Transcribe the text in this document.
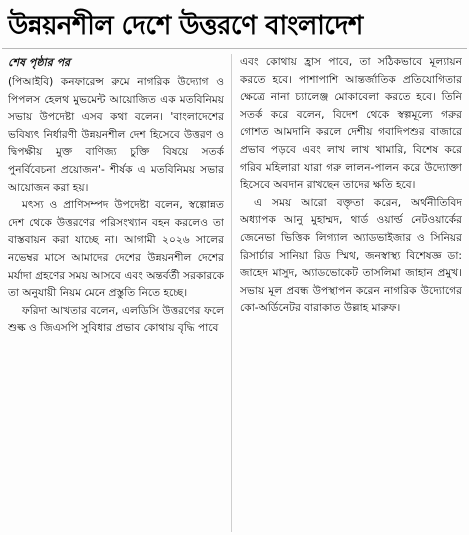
উন্নয়নশীল দেশে উত্তরণে বাংলাদেশ
শেষ পৃষ্ঠার পর

(পিআইবি) কনফারেন্স রুমে নাগরিক উদ্যোগ ও পিপলস হেলথ মুভমেন্ট আয়োজিত এক মতবিনিময় সভায় উপদেষ্টা এসব কথা বলেন। 'বাংলাদেশের ভবিষ্যৎ নির্ধারণী উন্নয়নশীল দেশ হিসেবে উত্তরণ ও দ্বিপক্ষীয় মুক্ত বাণিজ্য চুক্তি বিষয়ে সতর্ক পুনর্বিবেচনা প্রয়োজন'- শীর্ষক এ মতবিনিময় সভার আয়োজন করা হয়।

মৎস্য ও প্রাণিসম্পদ উপদেষ্টা বলেন, স্বল্পোন্নত দেশ থেকে উত্তরণের পরিসংখ্যান বহন করলেও তা বাস্তবায়ন করা যাচ্ছে না। আগামী ২০২৬ সালের নভেম্বর মাসে আমাদের দেশের উন্নয়নশীল দেশের মর্যাদা গ্রহণের সময় আসবে এবং অন্তর্বর্তী সরকারকে তা অনুযায়ী নিয়ম মেনে প্রস্তুতি নিতে হচ্ছে।

ফরিদা আখতার বলেন, এলডিসি উত্তরণের ফলে শুল্ক ও জিএসপি সুবিধার প্রভাব কোথায় বৃদ্ধি পাবে

এবং কোথায় হ্রাস পাবে, তা সঠিকভাবে মূল্যায়ন করতে হবে। পাশাপাশি আন্তর্জাতিক প্রতিযোগিতার ক্ষেত্রে নানা চ্যালেঞ্জ মোকাবেলা করতে হবে। তিনি সতর্ক করে বলেন, বিদেশ থেকে স্বল্পমূল্যে গরুর গোশত আমদানি করলে দেশীয় গবাদিপশুর বাজারে প্রভাব পড়বে এবং লাখ লাখ খামারি, বিশেষ করে গরিব মহিলারা যারা গরু লালন-পালন করে উদ্যোক্তা হিসেবে অবদান রাখছেন তাদের ক্ষতি হবে।

এ সময় আরো বক্তৃতা করেন, অর্থনীতিবিদ অধ্যাপক আনু মুহাম্মদ, থার্ড ওয়ার্ল্ড নেটওয়ার্কের জেনেভা ভিত্তিক লিগ্যাল অ্যাডভাইজার ও সিনিয়র রিসার্চার সানিয়া রিড স্মিথ, জনস্বাস্থ্য বিশেষজ্ঞ ডা: জাহেদ মাসুদ, অ্যাডভোকেট তাসলিমা জাহান প্রমুখ। সভায় মূল প্রবন্ধ উপস্থাপন করেন নাগরিক উদ্যোগের কো-অর্ডিনেটর বারাকাত উল্লাহ মারুফ।
